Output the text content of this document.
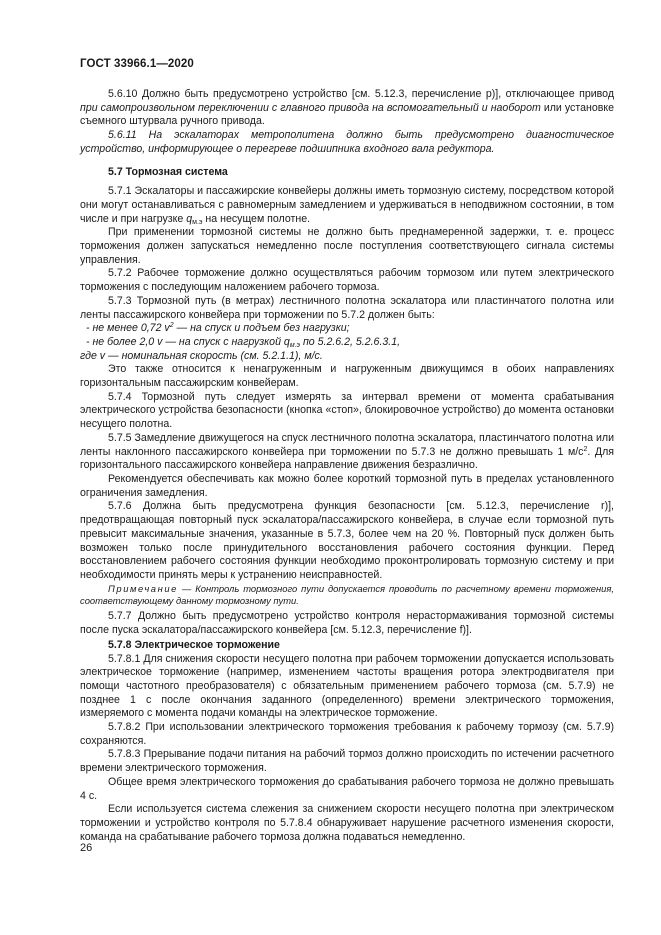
ГОСТ 33966.1—2020

5.6.10 Должно быть предусмотрено устройство [см. 5.12.3, перечисление р)], отключающее привод при самопроизвольном переключении с главного привода на вспомогательный и наоборот или установке съемного штурвала ручного привода.

5.6.11 На эскалаторах метрополитена должно быть предусмотрено диагностическое устройство, информирующее о перегреве подшипника входного вала редуктора.

5.7 Тормозная система

5.7.1 Эскалаторы и пассажирские конвейеры должны иметь тормозную систему, посредством которой они могут останавливаться с равномерным замедлением и удерживаться в неподвижном состоянии, в том числе и при нагрузке $q_{м.э}$ на несущем полотне.

При применении тормозной системы не должно быть преднамеренной задержки, т. е. процесс торможения должен запускаться немедленно после поступления соответствующего сигнала системы управления.

5.7.2 Рабочее торможение должно осуществляться рабочим тормозом или путем электрического торможения с последующим наложением рабочего тормоза.

5.7.3 Тормозной путь (в метрах) лестничного полотна эскалатора или пластинчатого полотна или ленты пассажирского конвейера при торможении по 5.7.2 должен быть:

- не менее 0,72 $v^2$ — на спуск и подъем без нагрузки;

- не более 2,0 v — на спуск с нагрузкой $q_{м.э}$ по 5.2.6.2, 5.2.6.3.1,

где v — номинальная скорость (см. 5.2.1.1), м/с.

Это также относится к ненагруженным и нагруженным движущимся в обоих направлениях горизонтальным пассажирским конвейерам.

5.7.4 Тормозной путь следует измерять за интервал времени от момента срабатывания электрического устройства безопасности (кнопка «стоп», блокировочное устройство) до момента остановки несущего полотна.

5.7.5 Замедление движущегося на спуск лестничного полотна эскалатора, пластинчатого полотна или ленты наклонного пассажирского конвейера при торможении по 5.7.3 не должно превышать 1 $м/с^2$. Для горизонтального пассажирского конвейера направление движения безразлично.

Рекомендуется обеспечивать как можно более короткий тормозной путь в пределах установленного ограничения замедления.

5.7.6 Должна быть предусмотрена функция безопасности [см. 5.12.3, перечисление r)], предотвращающая повторный пуск эскалатора/пассажирского конвейера, в случае если тормозной путь превысит максимальные значения, указанные в 5.7.3, более чем на 20 %. Повторный пуск должен быть возможен только после принудительного восстановления рабочего состояния функции. Перед восстановлением рабочего состояния функции необходимо проконтролировать тормозную систему и при необходимости принять меры к устранению неисправностей.

Примечание — Контроль тормозного пути допускается проводить по расчетному времени торможения, соответствующему данному тормозному пути.

5.7.7 Должно быть предусмотрено устройство контроля нерастормаживания тормозной системы после пуска эскалатора/пассажирского конвейера [см. 5.12.3, перечисление f)].

5.7.8 Электрическое торможение

5.7.8.1 Для снижения скорости несущего полотна при рабочем торможении допускается использовать электрическое торможение (например, изменением частоты вращения ротора электродвигателя при помощи частотного преобразователя) с обязательным применением рабочего тормоза (см. 5.7.9) не позднее 1 с после окончания заданного (определенного) времени электрического торможения, измеряемого с момента подачи команды на электрическое торможение.

5.7.8.2 При использовании электрического торможения требования к рабочему тормозу (см. 5.7.9) сохраняются.

5.7.8.3 Прерывание подачи питания на рабочий тормоз должно происходить по истечении расчетного времени электрического торможения.

Общее время электрического торможения до срабатывания рабочего тормоза не должно превышать 4 с.

Если используется система слежения за снижением скорости несущего полотна при электрическом торможении и устройство контроля по 5.7.8.4 обнаруживает нарушение расчетного изменения скорости, команда на срабатывание рабочего тормоза должна подаваться немедленно.

26
